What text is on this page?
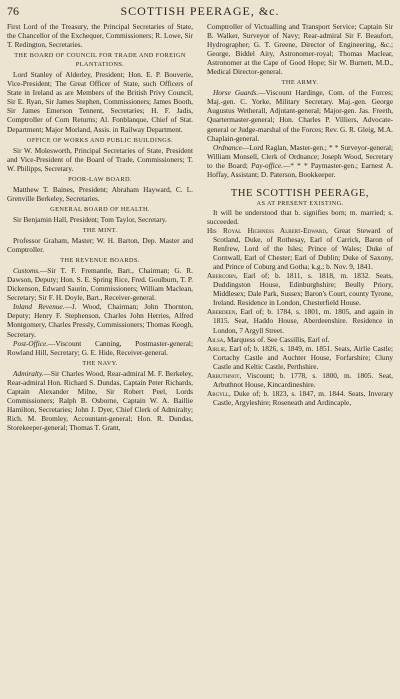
76	SCOTTISH PEERAGE, &c.

First Lord of the Treasury, the Principal Secretaries of State, the Chancellor of the Exchequer, Commissioners; R. Lowe, Sir T. Redington, Secretaries.

THE BOARD OF COUNCIL FOR TRADE AND FOREIGN PLANTATIONS.

Lord Stanley of Alderley, President; Hon. E. P. Bouverie, Vice-President; The Great Officer of State, such Officers of State in Ireland as are Members of the British Privy Council, Sir E. Ryan, Sir James Stephen, Commissioners; James Booth, Sir James Emerson Tennent, Secretaries; H. F. Jadis, Comptroller of Corn Returns; Al. Fonblanque, Chief of Stat. Department; Major Morland, Assis. in Railway Department.

OFFICE OF WORKS AND PUBLIC BUILDINGS.

Sir W. Molesworth, Principal Secretaries of State, President and Vice-President of the Board of Trade, Commissioners; T. W. Philipps, Secretary.

POOR-LAW BOARD.

Matthew T. Baines, President; Abraham Hayward, C. L. Grenville Berkeley, Secretaries.

GENERAL BOARD OF HEALTH.

Sir Benjamin Hall, President; Tom Taylor, Secretary.

THE MINT.

Professor Graham, Master; W. H. Barton, Dep. Master and Comptroller.

THE REVENUE BOARDS.

Customs.—Sir T. F. Fremantle, Bart., Chairman; G. R. Dawson, Deputy; Hon. S. E. Spring Rice, Fred. Goulburn, T. P. Dickenson, Edward Saurin, Commissioners; William Maclean, Secretary; Sir F. H. Doyle, Bart., Receiver-general.

Inland Revenue.—J. Wood, Chairman; John Thornton, Deputy; Henry F. Stephenson, Charles John Herries, Alfred Montgomery, Charles Pressly, Commissioners; Thomas Keogh, Secretary.

Post-Office.—Viscount Canning, Postmaster-general; Rowland Hill, Secretary; G. E. Hide, Receiver-general.

THE NAVY.

Admiralty.—Sir Charles Wood, Rear-admiral M. F. Berkeley, Rear-admiral Hon. Richard S. Dundas, Captain Peter Richards, Captain Alexander Milne, Sir Robert Peel, Lords Commissioners; Ralph B. Osborne, Captain W. A. Baillie Hamilton, Secretaries; John J. Dyer, Chief Clerk of Admiralty; Rich. M. Bromley, Accountant-general; Hon. R. Dundas, Storekeeper-general; Thomas T. Grant,

Comptroller of Victualling and Transport Service; Captain Sir B. Walker, Surveyor of Navy; Rear-admiral Sir F. Beaufort, Hydrographer; G. T. Greene, Director of Engineering, &c.; George, Biddel Airy, Astronomer-royal; Thomas Maclear, Astronomer at the Cape of Good Hope; Sir W. Burnett, M.D., Medical Director-general.

THE ARMY.

Horse Guards.—Viscount Hardinge, Com. of the Forces; Maj.-gen. C. Yorke, Military Secretary. Maj.-gen. George Augustus Wetherall, Adjutant-general; Major-gen. Jas. Freeth, Quartermaster-general; Hon. Charles P. Villiers, Advocate-general or Judge-marshal of the Forces; Rev. G. R. Gleig, M.A. Chaplain-general.

Ordnance—Lord Raglan, Master-gen.; * * Surveyor-general; William Monsell, Clerk of Ordnance; Joseph Wood, Secretary to the Board; Pay-office.—* * * Paymaster-gen.; Earnest A. Hoffay, Assistant; D. Paterson, Bookkeeper.

THE SCOTTISH PEERAGE,
AS AT PRESENT EXISTING.

It will be understood that b. signifies born; m. married; s. succeeded.

His Royal Highness Albert-Edward, Great Steward of Scotland, Duke, of Rothesay, Earl of Carrick, Baron of Renfrew, Lord of the Isles; Prince of Wales; Duke of Cornwall, Earl of Chester; Earl of Dublin; Duke of Saxony, and Prince of Coburg and Gotha; k.g.; b. Nov. 9, 1841.

Abercorn, Earl of; b. 1811, s. 1818, m. 1832. Seats, Duddingston House, Edinburghshire; Beully Priory, Middlesex; Dale Park, Sussex; Baron's Court, county Tyrone, Ireland. Residence in London, Chesterfield House.

Aberdeen, Earl of; b. 1784, s. 1801, m. 1805, and again in 1815. Seat, Haddo House, Aberdeenshire. Residence in London, 7 Argyll Street.

Ailsa, Marquess of. See Cassillis, Earl of.

Airlie, Earl of; b. 1826, s. 1849, m. 1851. Seats, Airlie Castle; Cortachy Castle and Auchter House, Forfarshire; Cluny Castle and Keltic Castle, Perthshire.

Arbuthnot, Viscount; b. 1778, s. 1800, m. 1805. Seat, Arbuthnot House, Kincardineshire.

Argyll, Duke of; b. 1823, s. 1847, m. 1844. Seats, Inverary Castle, Argyleshire; Roseneath and Ardincaple,
